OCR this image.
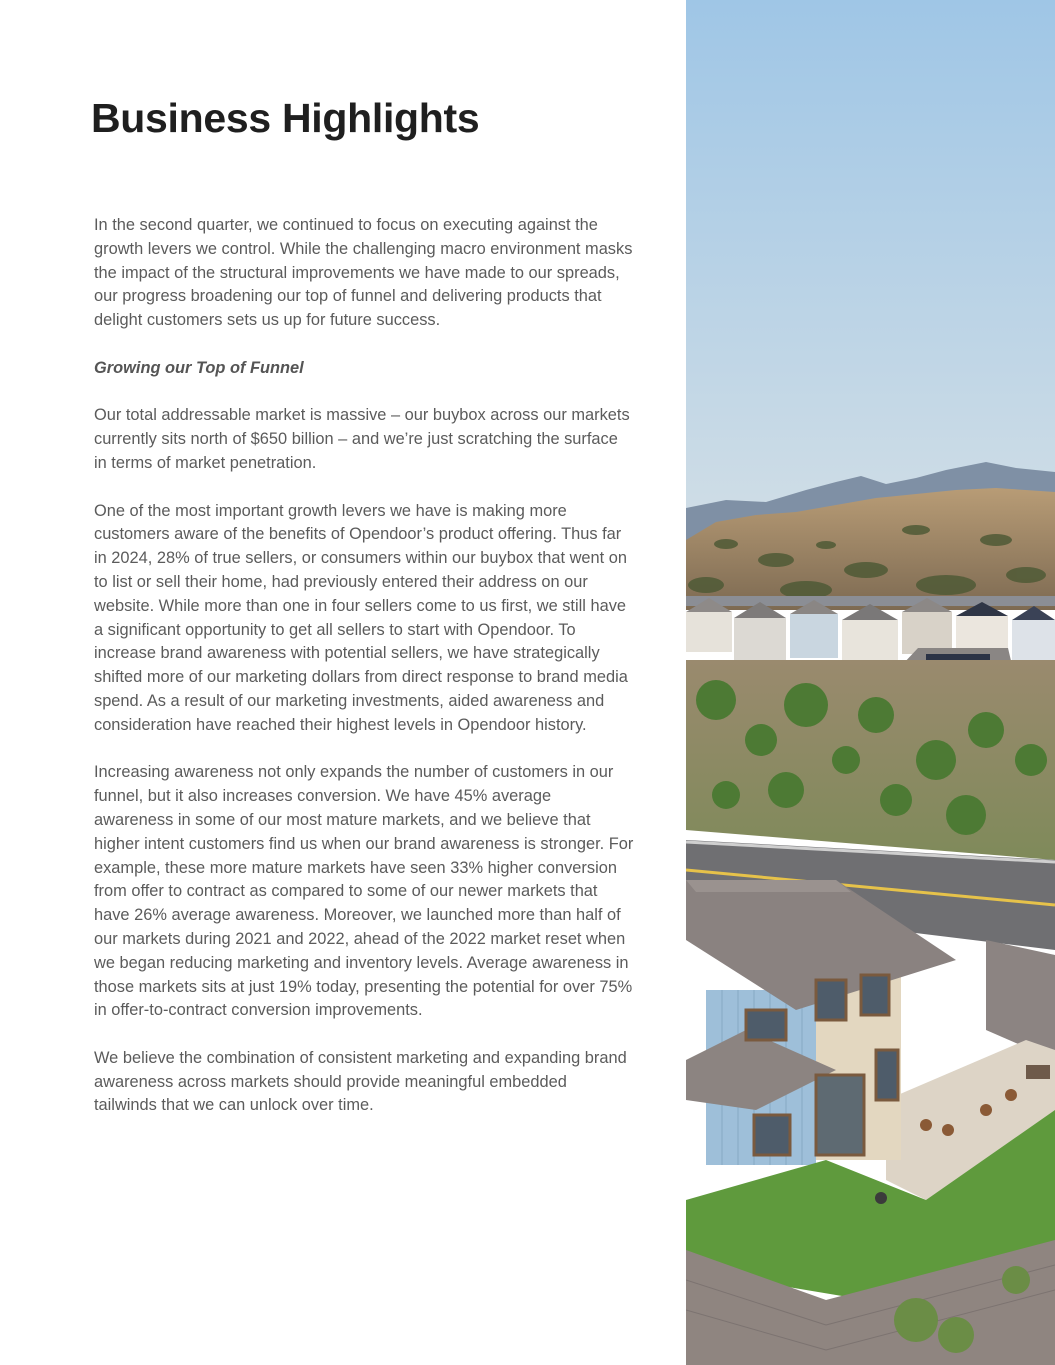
Business Highlights

In the second quarter, we continued to focus on executing against the growth levers we control. While the challenging macro environment masks the impact of the structural improvements we have made to our spreads, our progress broadening our top of funnel and delivering products that delight customers sets us up for future success.

Growing our Top of Funnel

Our total addressable market is massive – our buybox across our markets currently sits north of $650 billion – and we’re just scratching the surface in terms of market penetration.

One of the most important growth levers we have is making more customers aware of the benefits of Opendoor’s product offering. Thus far in 2024, 28% of true sellers, or consumers within our buybox that went on to list or sell their home, had previously entered their address on our website. While more than one in four sellers come to us first, we still have a significant opportunity to get all sellers to start with Opendoor. To increase brand awareness with potential sellers, we have strategically shifted more of our marketing dollars from direct response to brand media spend. As a result of our marketing investments, aided awareness and consideration have reached their highest levels in Opendoor history.

Increasing awareness not only expands the number of customers in our funnel, but it also increases conversion. We have 45% average awareness in some of our most mature markets, and we believe that higher intent customers find us when our brand awareness is stronger. For example, these more mature markets have seen 33% higher conversion from offer to contract as compared to some of our newer markets that have 26% average awareness. Moreover, we launched more than half of our markets during 2021 and 2022, ahead of the 2022 market reset when we began reducing marketing and inventory levels. Average awareness in those markets sits at just 19% today, presenting the potential for over 75% in offer-to-contract conversion improvements.

We believe the combination of consistent marketing and expanding brand awareness across markets should provide meaningful embedded tailwinds that we can unlock over time.
